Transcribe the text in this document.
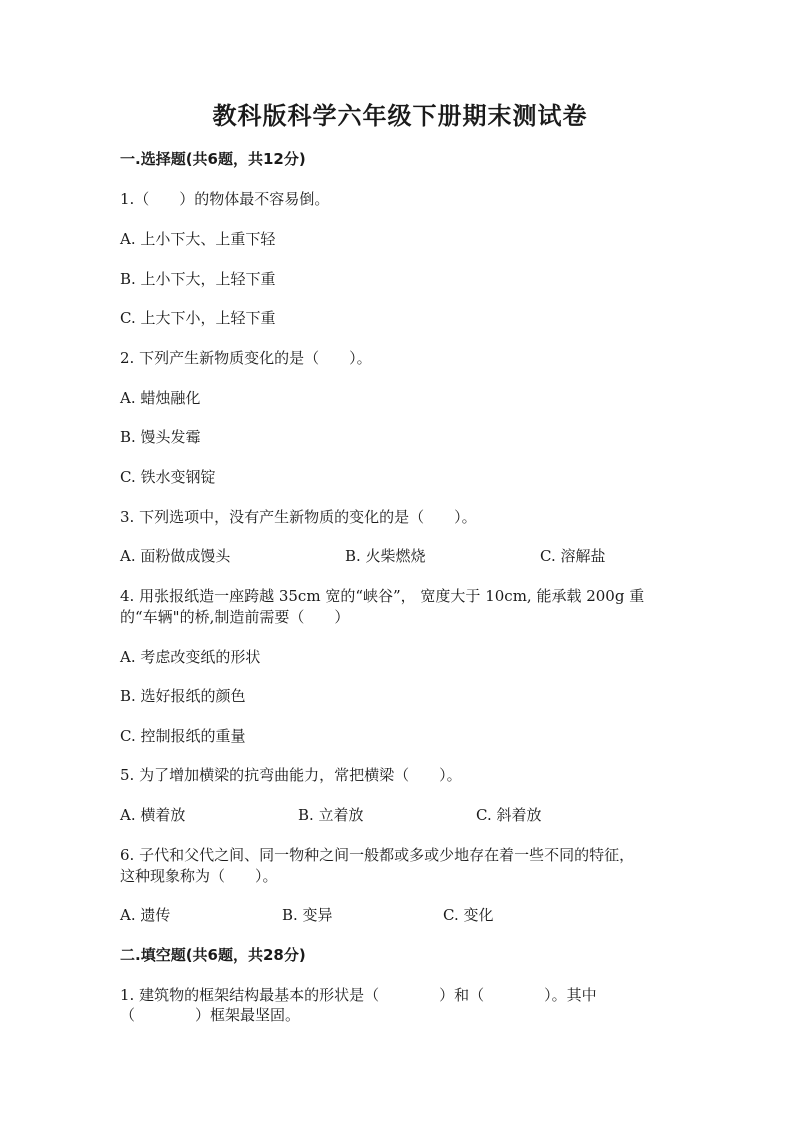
教科版科学六年级下册期末测试卷
一.选择题(共6题，共12分)
1.（　　）的物体最不容易倒。
A. 上小下大、上重下轻
B. 上小下大，上轻下重
C. 上大下小，上轻下重
2. 下列产生新物质变化的是（　　）。
A. 蜡烛融化
B. 馒头发霉
C. 铁水变钢锭
3. 下列选项中，没有产生新物质的变化的是（　　）。
A. 面粉做成馒头	B. 火柴燃烧	C. 溶解盐
4. 用张报纸造一座跨越 35cm 宽的“峡谷”， 宽度大于 10cm, 能承载 200g 重
的“车辆"的桥,制造前需要（　　）
A. 考虑改变纸的形状
B. 选好报纸的颜色
C. 控制报纸的重量
5. 为了增加横梁的抗弯曲能力，常把横梁（　　）。
A. 横着放	B. 立着放	C. 斜着放
6. 子代和父代之间、同一物种之间一般都或多或少地存在着一些不同的特征，
这种现象称为（　　）。
A. 遗传	B. 变异	C. 变化
二.填空题(共6题，共28分)
1. 建筑物的框架结构最基本的形状是（　　　　）和（　　　　）。其中
（　　　　）框架最坚固。
